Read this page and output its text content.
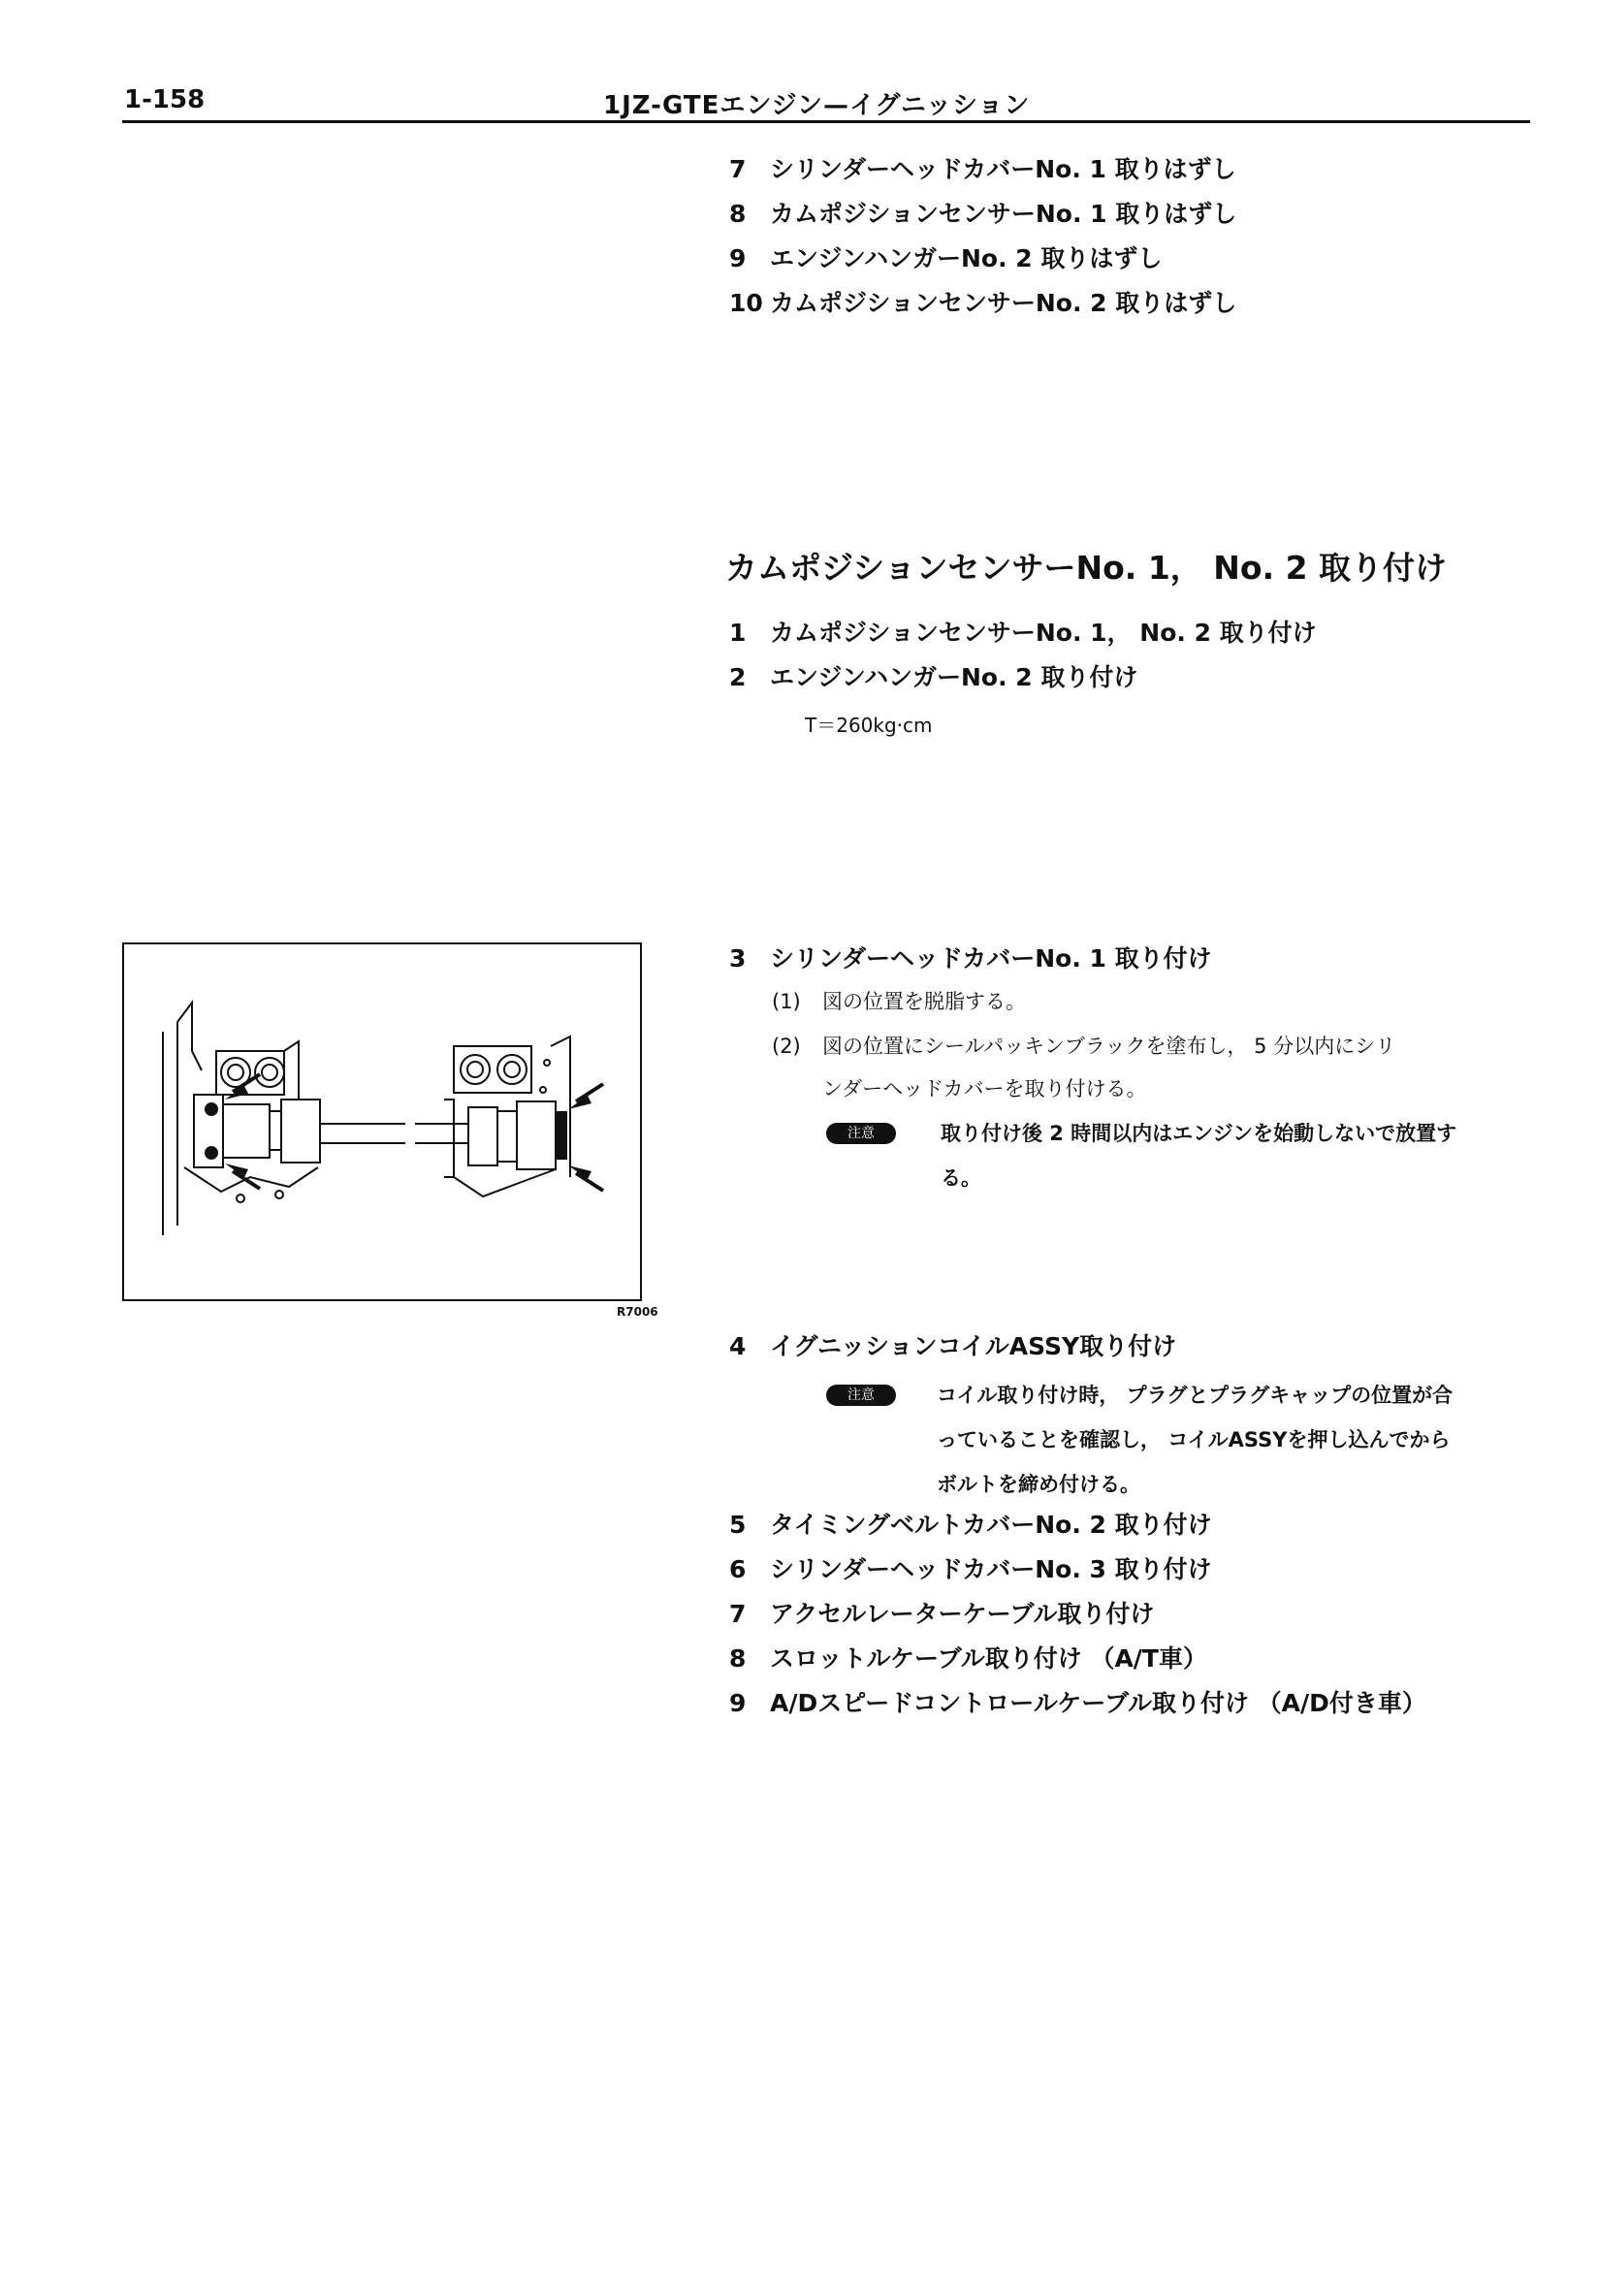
1-158	1JZ-GTEエンジン—イグニッション
7 シリンダーヘッドカバーNo. 1 取りはずし
8 カムポジションセンサーNo. 1 取りはずし
9 エンジンハンガーNo. 2 取りはずし
10 カムポジションセンサーNo. 2 取りはずし
カムポジションセンサーNo. 1， No. 2 取り付け
1 カムポジションセンサーNo. 1， No. 2 取り付け
2 エンジンハンガーNo. 2 取り付け
T＝260kg·cm
3 シリンダーヘッドカバーNo. 1 取り付け
(1) 図の位置を脱脂する。
(2) 図の位置にシールパッキンブラックを塗布し， 5 分以内にシリ
ンダーヘッドカバーを取り付ける。
注意	取り付け後 2 時間以内はエンジンを始動しないで放置す
る。
R7006
4 イグニッションコイルASSY取り付け
注意	コイル取り付け時， プラグとプラグキャップの位置が合
っていることを確認し， コイルASSYを押し込んでから
ボルトを締め付ける。
5 タイミングベルトカバーNo. 2 取り付け
6 シリンダーヘッドカバーNo. 3 取り付け
7 アクセルレーターケーブル取り付け
8 スロットルケーブル取り付け （A/T車）
9 A/Dスピードコントロールケーブル取り付け （A/D付き車）
